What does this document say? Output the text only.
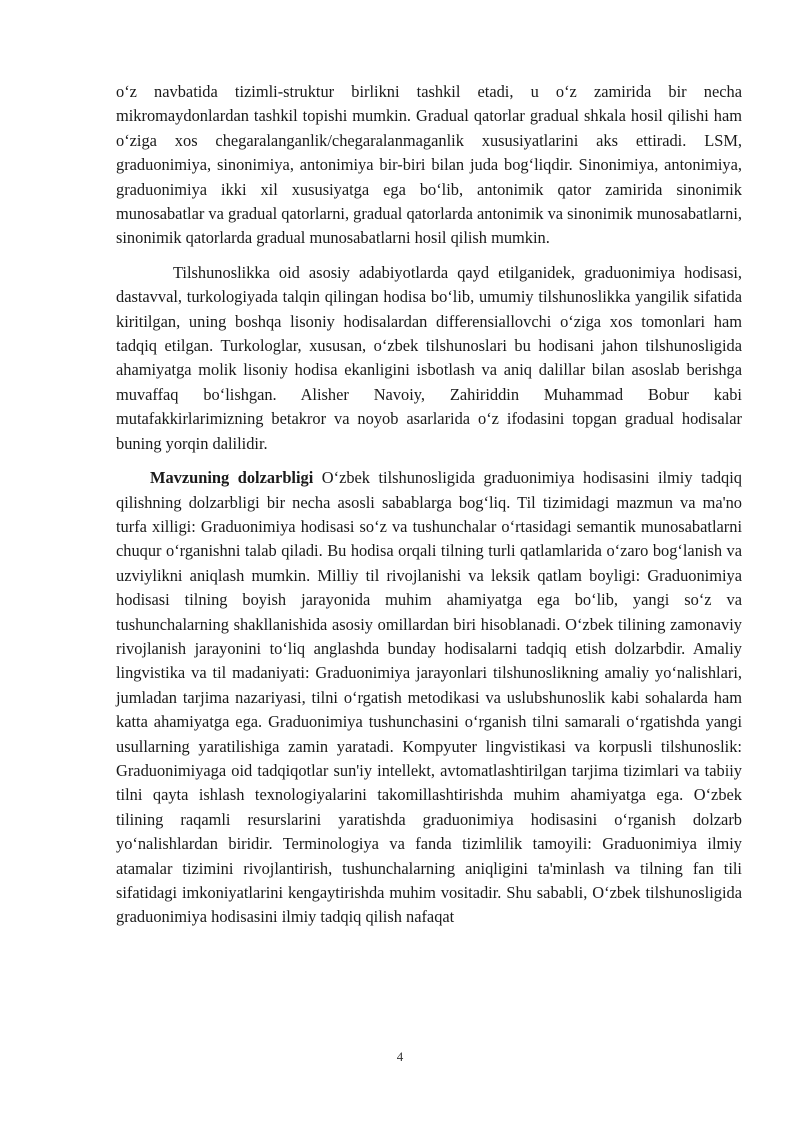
o‘z navbatida tizimli-struktur birlikni tashkil etadi, u o‘z zamirida bir necha mikromaydonlardan tashkil topishi mumkin. Gradual qatorlar gradual shkala hosil qilishi ham o‘ziga xos chegaralanganlik/chegaralanmaganlik xususiyatlarini aks ettiradi. LSM, graduonimiya, sinonimiya, antonimiya bir-biri bilan juda bog‘liqdir. Sinonimiya, antonimiya, graduonimiya ikki xil xususiyatga ega bo‘lib, antonimik qator zamirida sinonimik munosabatlar va gradual qatorlarni, gradual qatorlarda antonimik va sinonimik munosabatlarni, sinonimik qatorlarda gradual munosabatlarni hosil qilish mumkin.

Tilshunoslikka oid asosiy adabiyotlarda qayd etilganidek, graduonimiya hodisasi, dastavval, turkologiyada talqin qilingan hodisa bo‘lib, umumiy tilshunoslikka yangilik sifatida kiritilgan, uning boshqa lisoniy hodisalardan differensiallovchi o‘ziga xos tomonlari ham tadqiq etilgan. Turkologlar, xususan, o‘zbek tilshunoslari bu hodisani jahon tilshunosligida ahamiyatga molik lisoniy hodisa ekanligini isbotlash va aniq dalillar bilan asoslab berishga muvaffaq bo‘lishgan. Alisher Navoiy, Zahiriddin Muhammad Bobur kabi mutafakkirlarimizning betakror va noyob asarlarida o‘z ifodasini topgan gradual hodisalar buning yorqin dalilidir.

Mavzuning dolzarbligi O‘zbek tilshunosligida graduonimiya hodisasini ilmiy tadqiq qilishning dolzarbligi bir necha asosli sabablarga bog‘liq. Til tizimidagi mazmun va ma'no turfa xilligi: Graduonimiya hodisasi so‘z va tushunchalar o‘rtasidagi semantik munosabatlarni chuqur o‘rganishni talab qiladi. Bu hodisa orqali tilning turli qatlamlarida o‘zaro bog‘lanish va uzviylikni aniqlash mumkin. Milliy til rivojlanishi va leksik qatlam boyligi: Graduonimiya hodisasi tilning boyish jarayonida muhim ahamiyatga ega bo‘lib, yangi so‘z va tushunchalarning shakllanishida asosiy omillardan biri hisoblanadi. O‘zbek tilining zamonaviy rivojlanish jarayonini to‘liq anglashda bunday hodisalarni tadqiq etish dolzarbdir. Amaliy lingvistika va til madaniyati: Graduonimiya jarayonlari tilshunoslikning amaliy yo‘nalishlari, jumladan tarjima nazariyasi, tilni o‘rgatish metodikasi va uslubshunoslik kabi sohalarda ham katta ahamiyatga ega. Graduonimiya tushunchasini o‘rganish tilni samarali o‘rgatishda yangi usullarning yaratilishiga zamin yaratadi. Kompyuter lingvistikasi va korpusli tilshunoslik: Graduonimiyaga oid tadqiqotlar sun'iy intellekt, avtomatlashtirilgan tarjima tizimlari va tabiiy tilni qayta ishlash texnologiyalarini takomillashtirishda muhim ahamiyatga ega. O‘zbek tilining raqamli resurslarini yaratishda graduonimiya hodisasini o‘rganish dolzarb yo‘nalishlardan biridir. Terminologiya va fanda tizimlilik tamoyili: Graduonimiya ilmiy atamalar tizimini rivojlantirish, tushunchalarning aniqligini ta'minlash va tilning fan tili sifatidagi imkoniyatlarini kengaytirishda muhim vositadir. Shu sababli, O‘zbek tilshunosligida graduonimiya hodisasini ilmiy tadqiq qilish nafaqat

4
